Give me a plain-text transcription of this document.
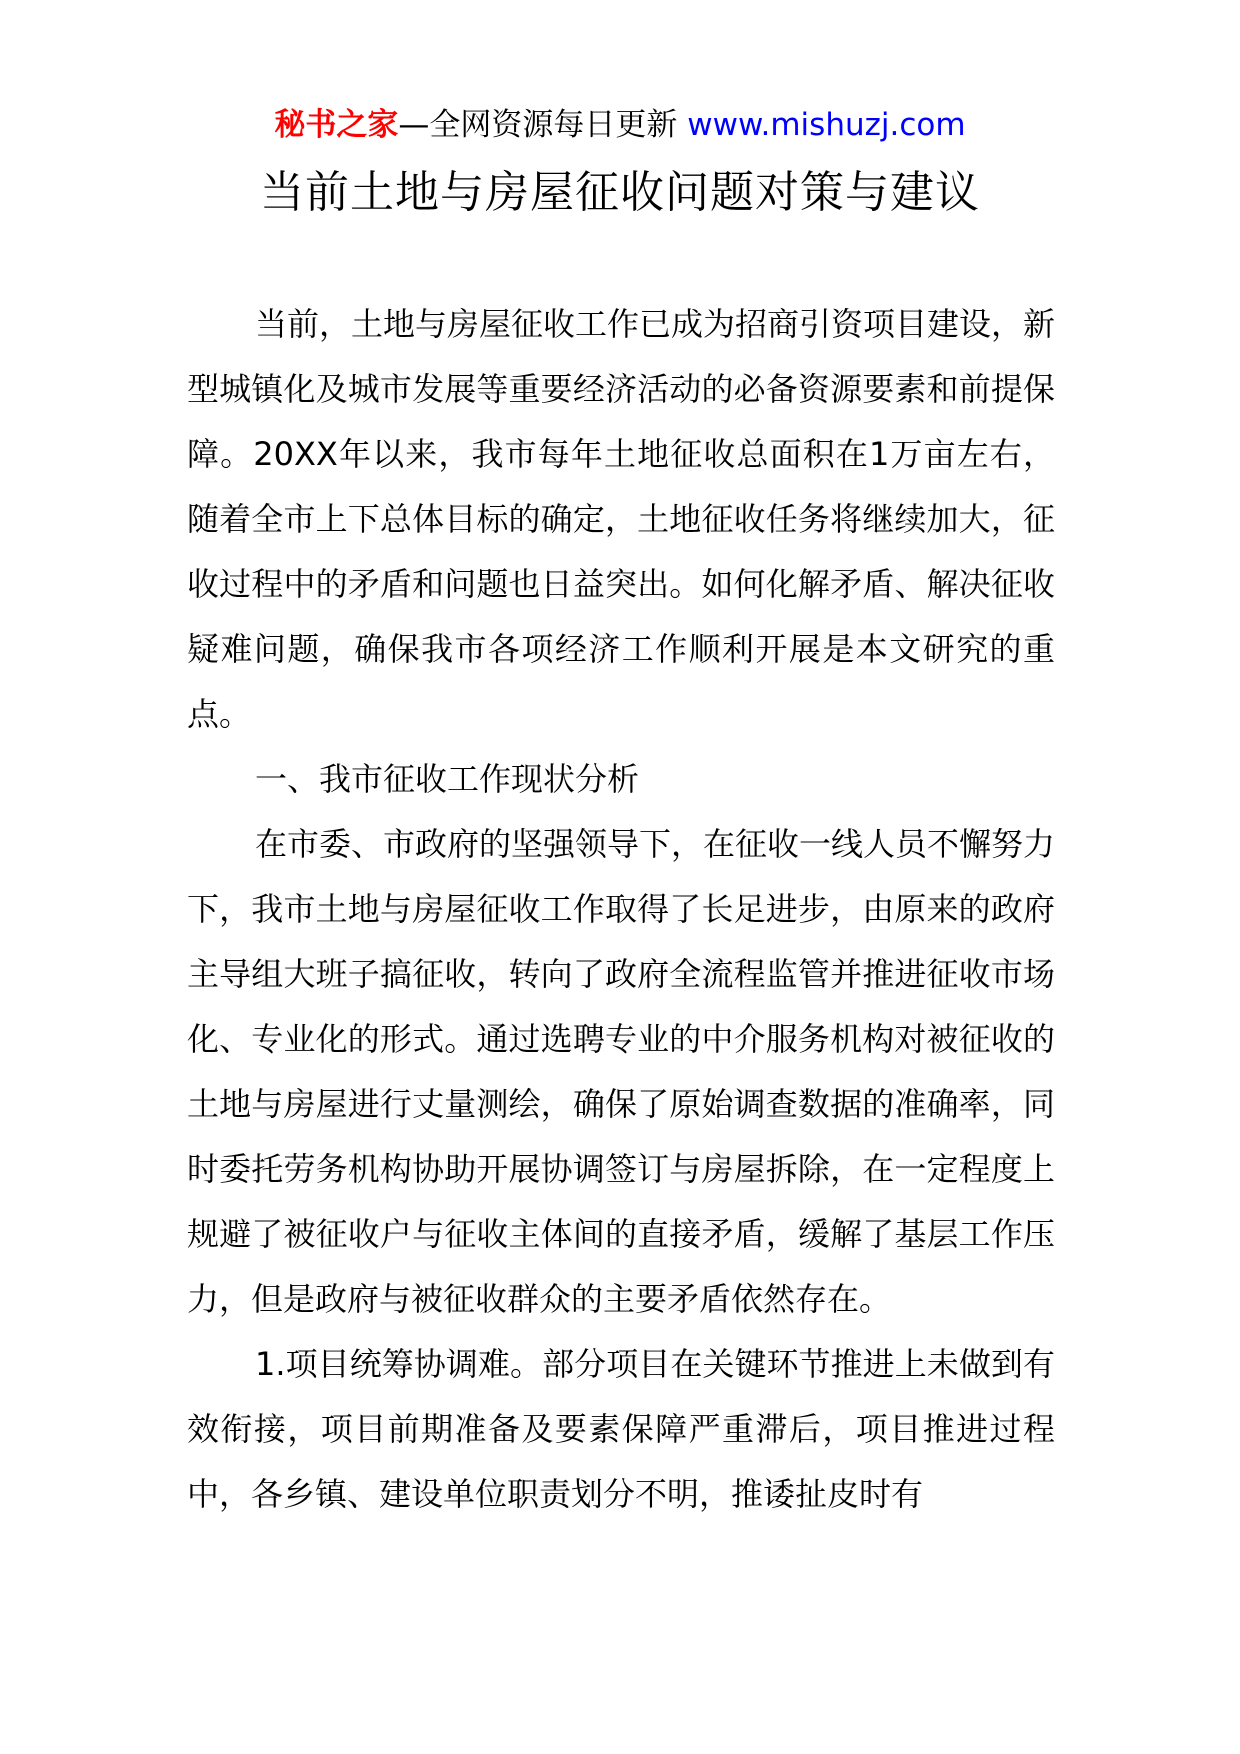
秘书之家—全网资源每日更新 www.mishuzj.com
当前土地与房屋征收问题对策与建议

当前，土地与房屋征收工作已成为招商引资项目建设，新型城镇化及城市发展等重要经济活动的必备资源要素和前提保障。20XX年以来，我市每年土地征收总面积在1万亩左右，随着全市上下总体目标的确定，土地征收任务将继续加大，征收过程中的矛盾和问题也日益突出。如何化解矛盾、解决征收疑难问题，确保我市各项经济工作顺利开展是本文研究的重点。

一、我市征收工作现状分析

在市委、市政府的坚强领导下，在征收一线人员不懈努力下，我市土地与房屋征收工作取得了长足进步，由原来的政府主导组大班子搞征收，转向了政府全流程监管并推进征收市场化、专业化的形式。通过选聘专业的中介服务机构对被征收的土地与房屋进行丈量测绘，确保了原始调查数据的准确率，同时委托劳务机构协助开展协调签订与房屋拆除，在一定程度上规避了被征收户与征收主体间的直接矛盾，缓解了基层工作压力，但是政府与被征收群众的主要矛盾依然存在。

1.项目统筹协调难。部分项目在关键环节推进上未做到有效衔接，项目前期准备及要素保障严重滞后，项目推进过程中，各乡镇、建设单位职责划分不明，推诿扯皮时有
